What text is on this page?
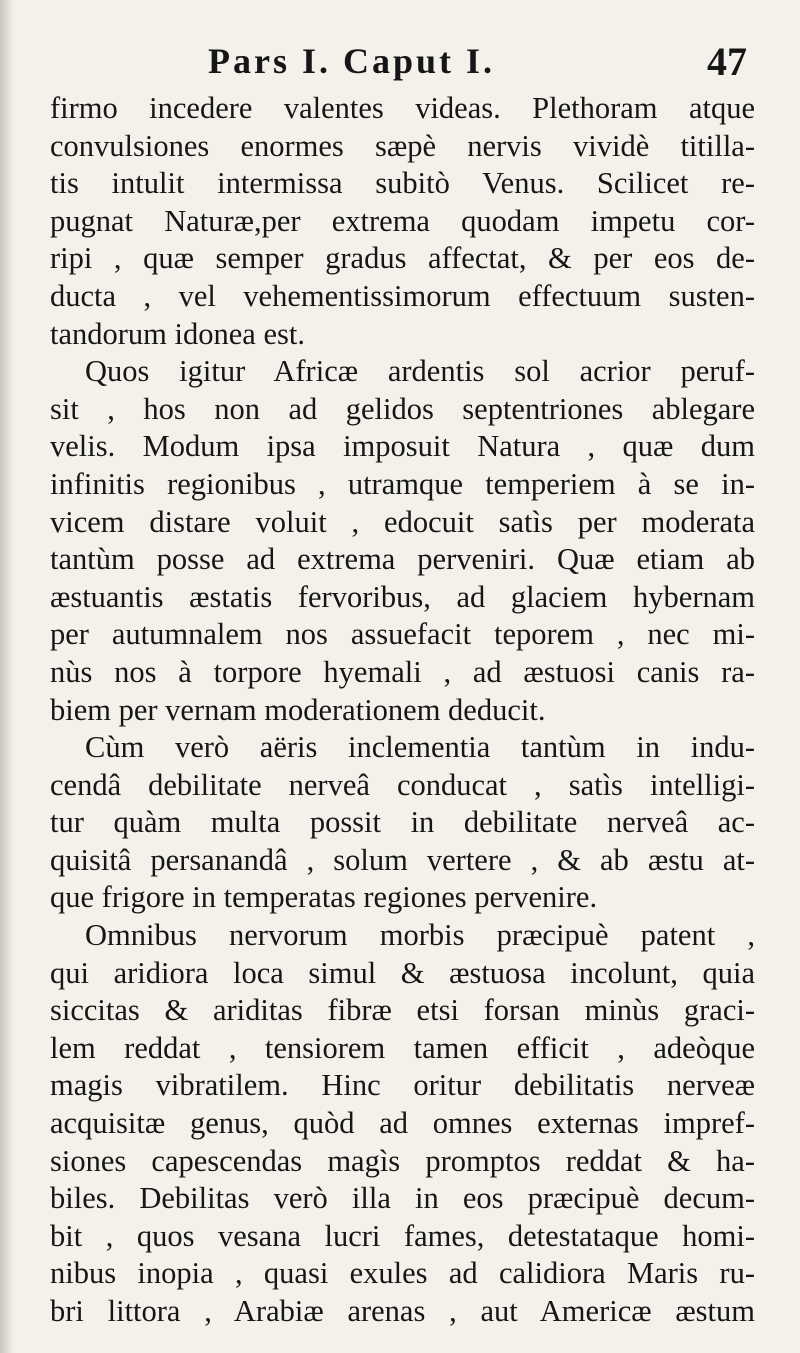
Pars I. Caput I.	47
firmo incedere valentes videas. Plethoram atque
convulsiones enormes sæpè nervis vividè titilla-
tis intulit intermissa subitò Venus. Scilicet re-
pugnat Naturæ,per extrema quodam impetu cor-
ripi , quæ semper gradus affectat, & per eos de-
ducta , vel vehementissimorum effectuum susten-
tandorum idonea est.
Quos igitur Africæ ardentis sol acrior peruf-
sit , hos non ad gelidos septentriones ablegare
velis. Modum ipsa imposuit Natura , quæ dum
infinitis regionibus , utramque temperiem à se in-
vicem distare voluit , edocuit satìs per moderata
tantùm posse ad extrema perveniri. Quæ etiam ab
æstuantis æstatis fervoribus, ad glaciem hybernam
per autumnalem nos assuefacit teporem , nec mi-
nùs nos à torpore hyemali , ad æstuosi canis ra-
biem per vernam moderationem deducit.
Cùm verò aëris inclementia tantùm in indu-
cendâ debilitate nerveâ conducat , satìs intelligi-
tur quàm multa possit in debilitate nerveâ ac-
quisitâ persanandâ , solum vertere , & ab æstu at-
que frigore in temperatas regiones pervenire.
Omnibus nervorum morbis præcipuè patent ,
qui aridiora loca simul & æstuosa incolunt, quia
siccitas & ariditas fibræ etsi forsan minùs graci-
lem reddat , tensiorem tamen efficit , adeòque
magis vibratilem. Hinc oritur debilitatis nerveæ
acquisitæ genus, quòd ad omnes externas impref-
siones capescendas magìs promptos reddat & ha-
biles. Debilitas verò illa in eos præcipuè decum-
bit , quos vesana lucri fames, detestataque homi-
nibus inopia , quasi exules ad calidiora Maris ru-
bri littora , Arabiæ arenas , aut Americæ æstum
